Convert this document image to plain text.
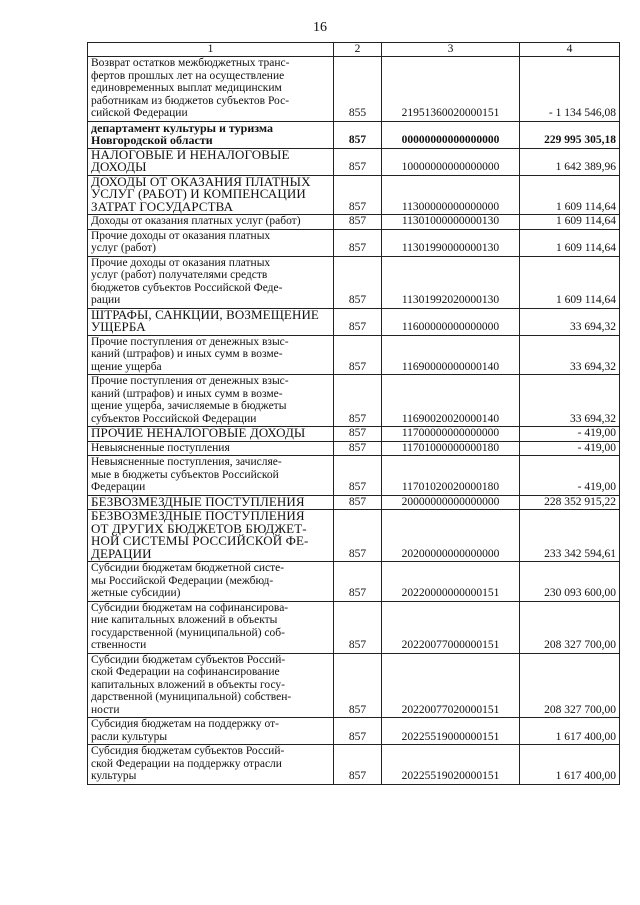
16
1	2	3	4

Возврат остатков межбюджетных транс-
фертов прошлых лет на осуществление
единовременных выплат медицинским
работникам из бюджетов субъектов Рос-
сийской Федерации	855	21951360020000151	- 1 134 546,08

департамент культуры и туризма
Новгородской области	857	00000000000000000	229 995 305,18

НАЛОГОВЫЕ И НЕНАЛОГОВЫЕ
ДОХОДЫ	857	10000000000000000	1 642 389,96

ДОХОДЫ ОТ ОКАЗАНИЯ ПЛАТНЫХ
УСЛУГ (РАБОТ) И КОМПЕНСАЦИИ
ЗАТРАТ ГОСУДАРСТВА	857	11300000000000000	1 609 114,64

Доходы от оказания платных услуг (работ)	857	11301000000000130	1 609 114,64

Прочие доходы от оказания платных
услуг (работ)	857	11301990000000130	1 609 114,64

Прочие доходы от оказания платных
услуг (работ) получателями средств
бюджетов субъектов Российской Феде-
рации	857	11301992020000130	1 609 114,64

ШТРАФЫ, САНКЦИИ, ВОЗМЕЩЕНИЕ
УЩЕРБА	857	11600000000000000	33 694,32

Прочие поступления от денежных взыс-
каний (штрафов) и иных сумм в возме-
щение ущерба	857	11690000000000140	33 694,32

Прочие поступления от денежных взыс-
каний (штрафов) и иных сумм в возме-
щение ущерба, зачисляемые в бюджеты
субъектов Российской Федерации	857	11690020020000140	33 694,32

ПРОЧИЕ НЕНАЛОГОВЫЕ ДОХОДЫ	857	11700000000000000	- 419,00

Невыясненные поступления	857	11701000000000180	- 419,00

Невыясненные поступления, зачисляе-
мые в бюджеты субъектов Российской
Федерации	857	11701020020000180	- 419,00

БЕЗВОЗМЕЗДНЫЕ ПОСТУПЛЕНИЯ	857	20000000000000000	228 352 915,22

БЕЗВОЗМЕЗДНЫЕ ПОСТУПЛЕНИЯ
ОТ ДРУГИХ БЮДЖЕТОВ БЮДЖЕТ-
НОЙ СИСТЕМЫ РОССИЙСКОЙ ФЕ-
ДЕРАЦИИ	857	20200000000000000	233 342 594,61

Субсидии бюджетам бюджетной систе-
мы Российской Федерации (межбюд-
жетные субсидии)	857	20220000000000151	230 093 600,00

Субсидии бюджетам на софинансирова-
ние капитальных вложений в объекты
государственной (муниципальной) соб-
ственности	857	20220077000000151	208 327 700,00

Субсидии бюджетам субъектов Россий-
ской Федерации на софинансирование
капитальных вложений в объекты госу-
дарственной (муниципальной) собствен-
ности	857	20220077020000151	208 327 700,00

Субсидия бюджетам на поддержку от-
расли культуры	857	20225519000000151	1 617 400,00

Субсидия бюджетам субъектов Россий-
ской Федерации на поддержку отрасли
культуры	857	20225519020000151	1 617 400,00
